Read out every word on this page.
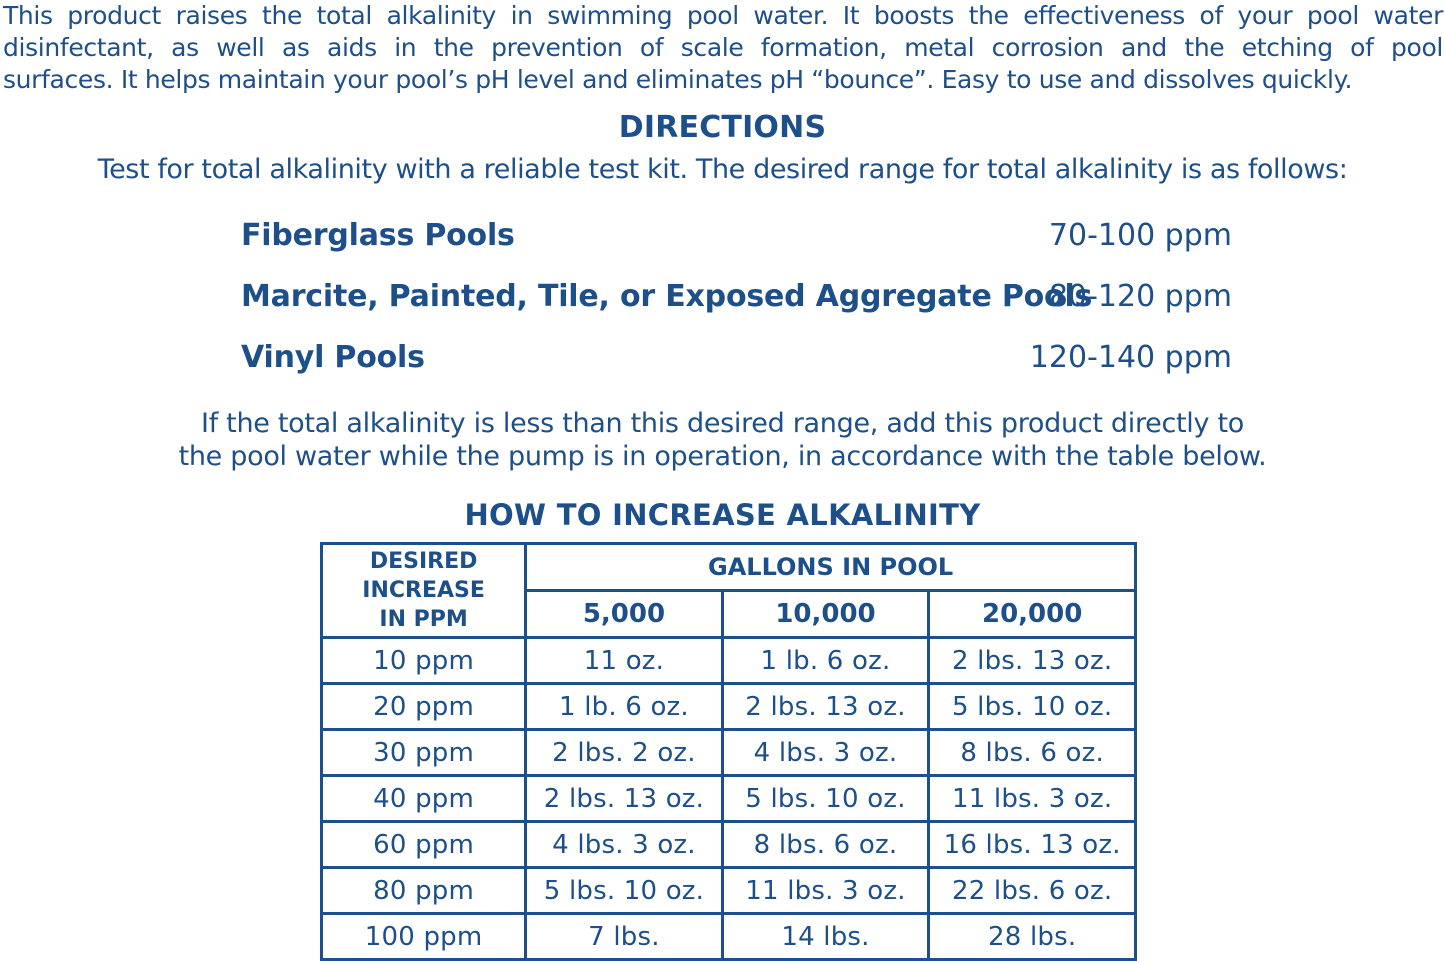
This product raises the total alkalinity in swimming pool water. It boosts the effectiveness of your pool water
disinfectant, as well as aids in the prevention of scale formation, metal corrosion and the etching of pool
surfaces. It helps maintain your pool’s pH level and eliminates pH “bounce”. Easy to use and dissolves quickly.
DIRECTIONS
Test for total alkalinity with a reliable test kit. The desired range for total alkalinity is as follows:
Fiberglass Pools	70-100 ppm
Marcite, Painted, Tile, or Exposed Aggregate Pools
80-120 ppm
Vinyl Pools	120-140 ppm
If the total alkalinity is less than this desired range, add this product directly to
the pool water while the pump is in operation, in accordance with the table below.
HOW TO INCREASE ALKALINITY
DESIRED
INCREASE
IN PPM	GALLONS IN POOL		
	5,000	10,000	20,000
10 ppm	11 oz.	1 lb. 6 oz.	2 lbs. 13 oz.
20 ppm	1 lb. 6 oz.	2 lbs. 13 oz.	5 lbs. 10 oz.
30 ppm	2 lbs. 2 oz.	4 lbs. 3 oz.	8 lbs. 6 oz.
40 ppm	2 lbs. 13 oz.	5 lbs. 10 oz.	11 lbs. 3 oz.
60 ppm	4 lbs. 3 oz.	8 lbs. 6 oz.	16 lbs. 13 oz.
80 ppm	5 lbs. 10 oz.	11 lbs. 3 oz.	22 lbs. 6 oz.
100 ppm	7 lbs.	14 lbs.	28 lbs.
